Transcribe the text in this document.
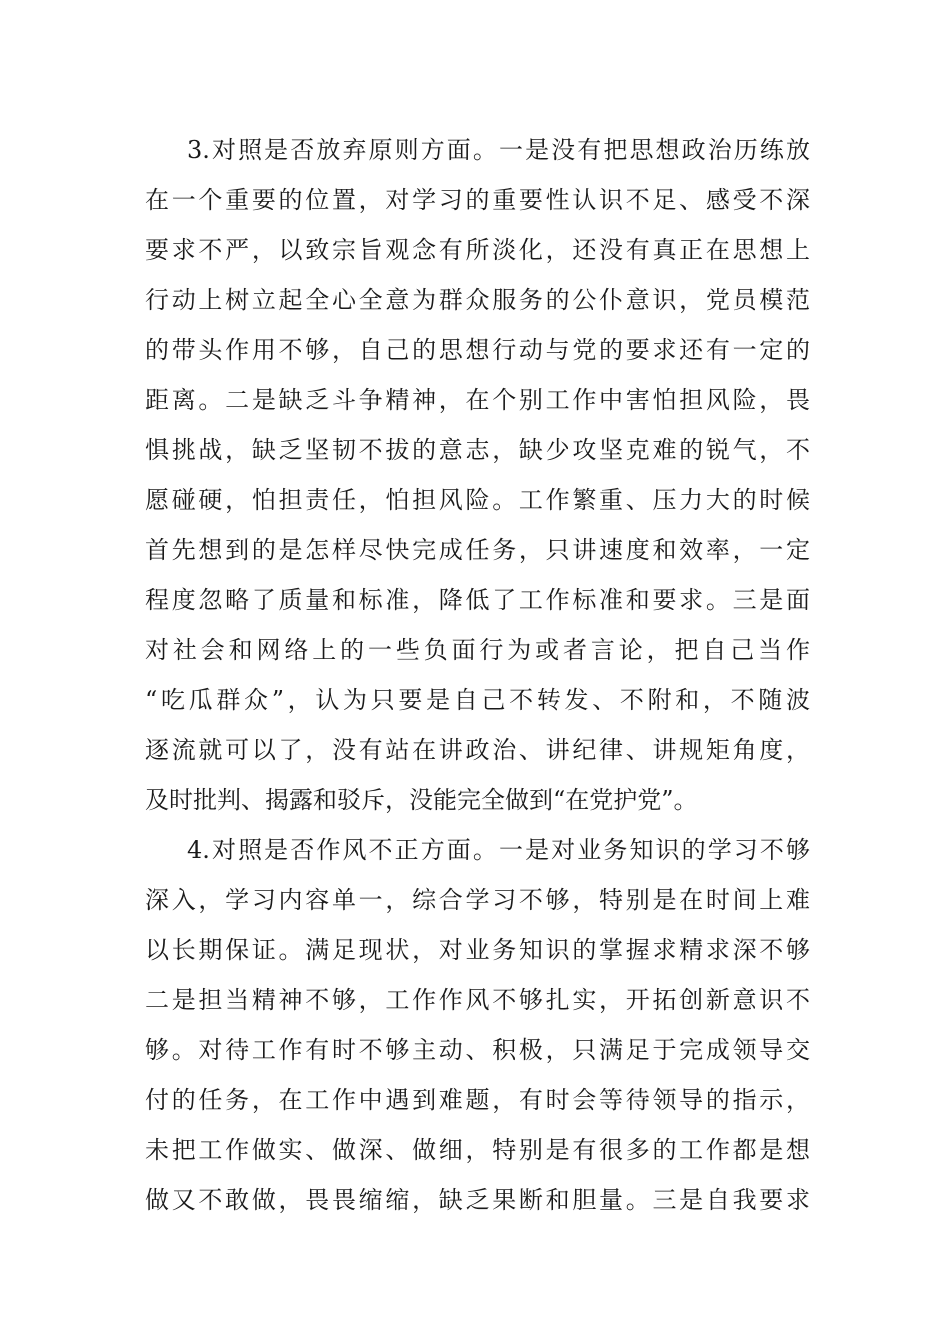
3.对照是否放弃原则方面。一是没有把思想政治历练放
在一个重要的位置，对学习的重要性认识不足、感受不深
要求不严，以致宗旨观念有所淡化，还没有真正在思想上
行动上树立起全心全意为群众服务的公仆意识，党员模范
的带头作用不够，自己的思想行动与党的要求还有一定的
距离。二是缺乏斗争精神，在个别工作中害怕担风险，畏
惧挑战，缺乏坚韧不拔的意志，缺少攻坚克难的锐气，不
愿碰硬，怕担责任，怕担风险。工作繁重、压力大的时候
首先想到的是怎样尽快完成任务，只讲速度和效率，一定
程度忽略了质量和标准，降低了工作标准和要求。三是面
对社会和网络上的一些负面行为或者言论，把自己当作
“吃瓜群众”，认为只要是自己不转发、不附和，不随波
逐流就可以了，没有站在讲政治、讲纪律、讲规矩角度，
及时批判、揭露和驳斥，没能完全做到“在党护党”。
4.对照是否作风不正方面。一是对业务知识的学习不够
深入，学习内容单一，综合学习不够，特别是在时间上难
以长期保证。满足现状，对业务知识的掌握求精求深不够
二是担当精神不够，工作作风不够扎实，开拓创新意识不
够。对待工作有时不够主动、积极，只满足于完成领导交
付的任务，在工作中遇到难题，有时会等待领导的指示，
未把工作做实、做深、做细，特别是有很多的工作都是想
做又不敢做，畏畏缩缩，缺乏果断和胆量。三是自我要求
